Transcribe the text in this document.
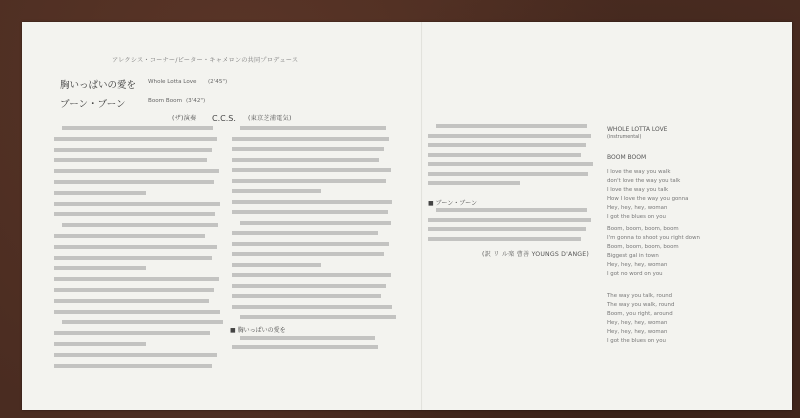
アレクシス・コーナー/ピーター・キャメロンの共同プロデュース
胸いっぱいの愛を Whole Lotta Love (2'45")
ブーン・ブーン	Boom Boom (3'42")
(ザ)演奏 C.C.S. (東京芝浦電気)
■ 胸いっぱいの愛を
■ ブーン・ブーン
(訳 リ ル楽 曹善 YOUNGS D'ANGE)
WHOLE LOTTA LOVE
(instrumental)
BOOM BOOM
I love the way you walk
don't love the way you talk
I love the way you talk
How I love the way you gonna
Hey, hey, hey, woman
I got the blues on you
Boom, boom, boom, boom
I'm gonna to shoot you right down
Boom, boom, boom, boom
Biggest gal in town
Hey, hey, hey, woman
I got no word on you
The way you talk, round
The way you walk, round
Boom, you right, around
Hey, hey, hey, woman
Hey, hey, hey, woman
I got the blues on you
